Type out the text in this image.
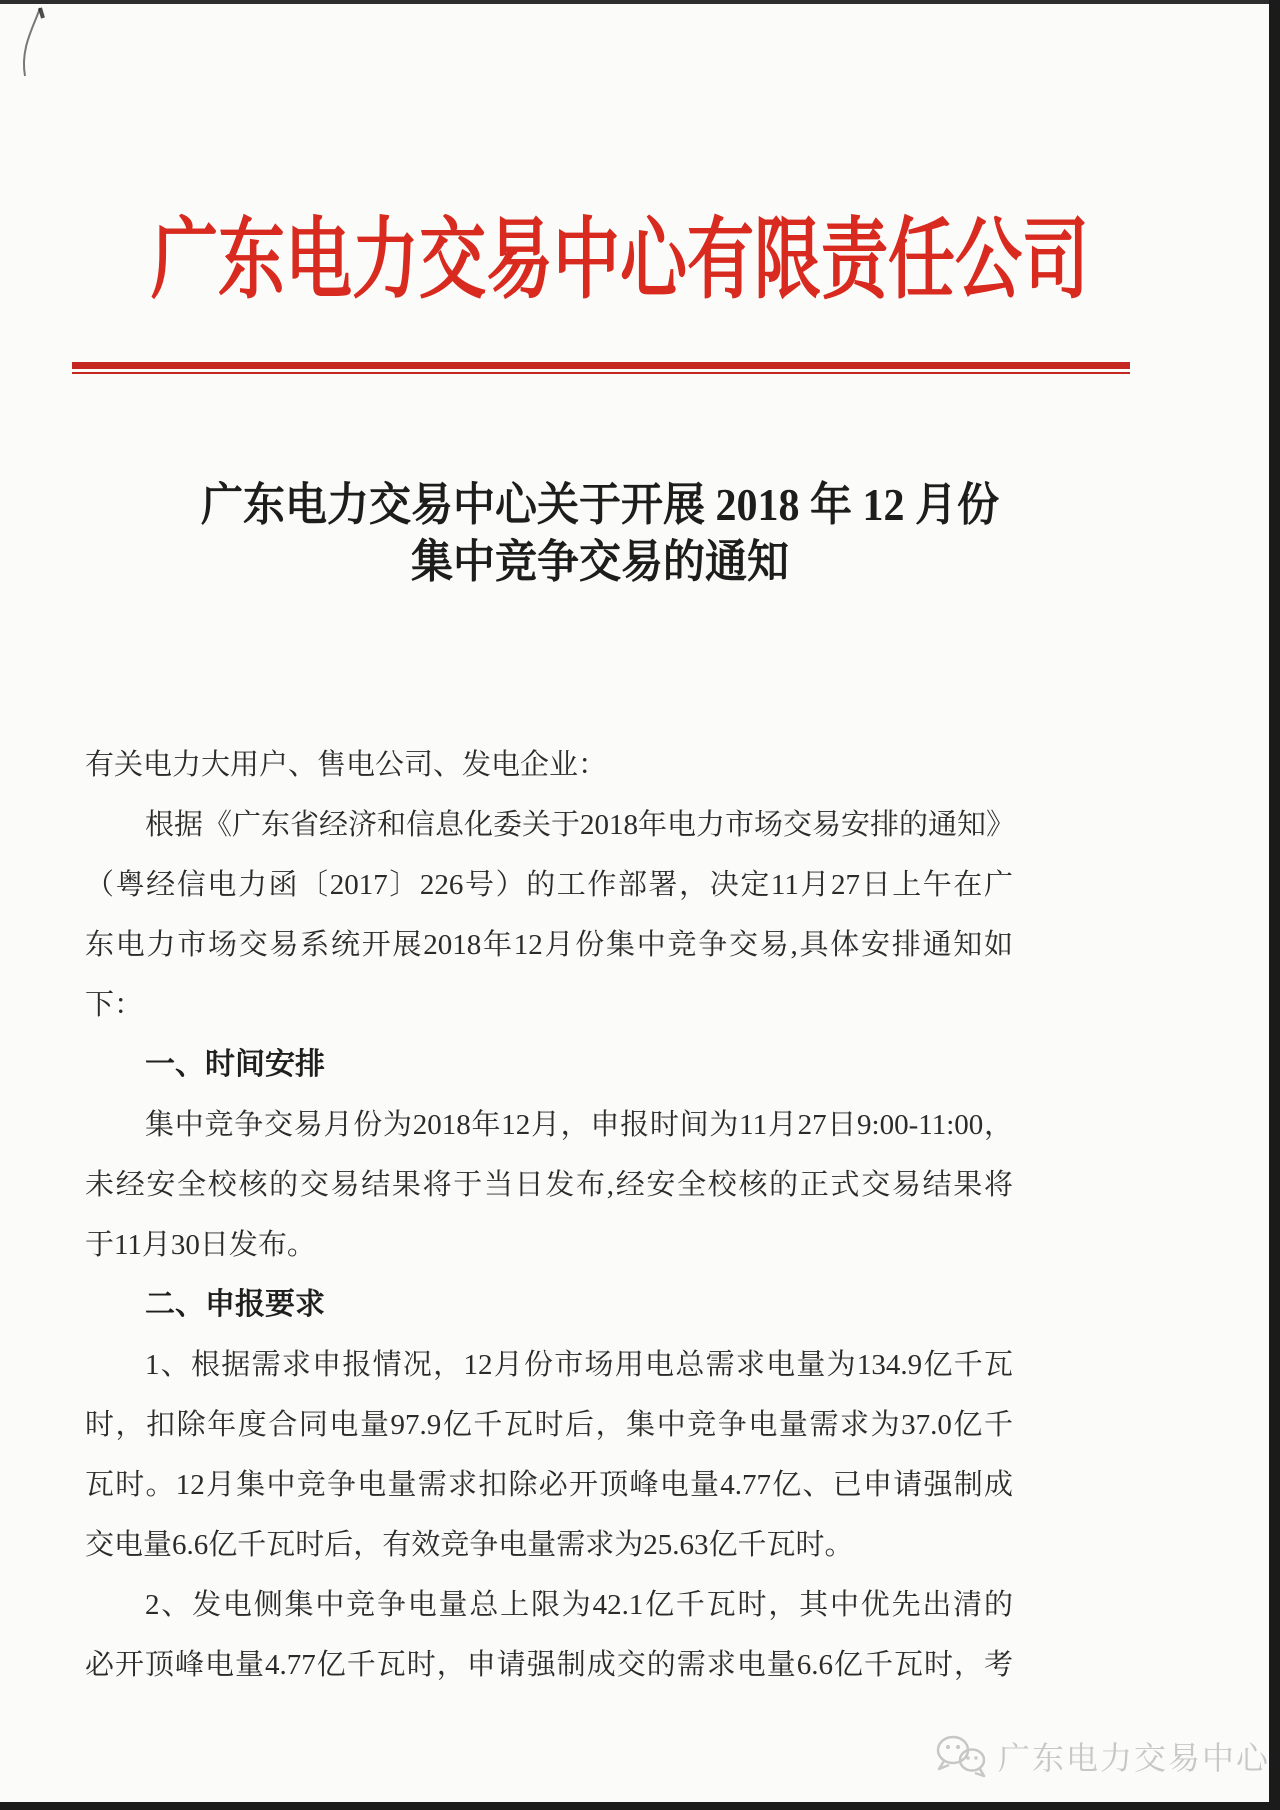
广东电力交易中心有限责任公司
广东电力交易中心关于开展 2018 年 12 月份
集中竞争交易的通知
有关电力大用户、售电公司、发电企业：
根据《广东省经济和信息化委关于2018年电力市场交易安排的通知》
（粤经信电力函〔2017〕226号）的工作部署，决定11月27日上午在广
东电力市场交易系统开展2018年12月份集中竞争交易,具体安排通知如
下：
一、时间安排
集中竞争交易月份为2018年12月，申报时间为11月27日9:00-11:00，
未经安全校核的交易结果将于当日发布,经安全校核的正式交易结果将
于11月30日发布。
二、申报要求
1、根据需求申报情况，12月份市场用电总需求电量为134.9亿千瓦
时，扣除年度合同电量97.9亿千瓦时后，集中竞争电量需求为37.0亿千
瓦时。12月集中竞争电量需求扣除必开顶峰电量4.77亿、已申请强制成
交电量6.6亿千瓦时后，有效竞争电量需求为25.63亿千瓦时。
2、发电侧集中竞争电量总上限为42.1亿千瓦时，其中优先出清的
必开顶峰电量4.77亿千瓦时，申请强制成交的需求电量6.6亿千瓦时，考
广东电力交易中心
